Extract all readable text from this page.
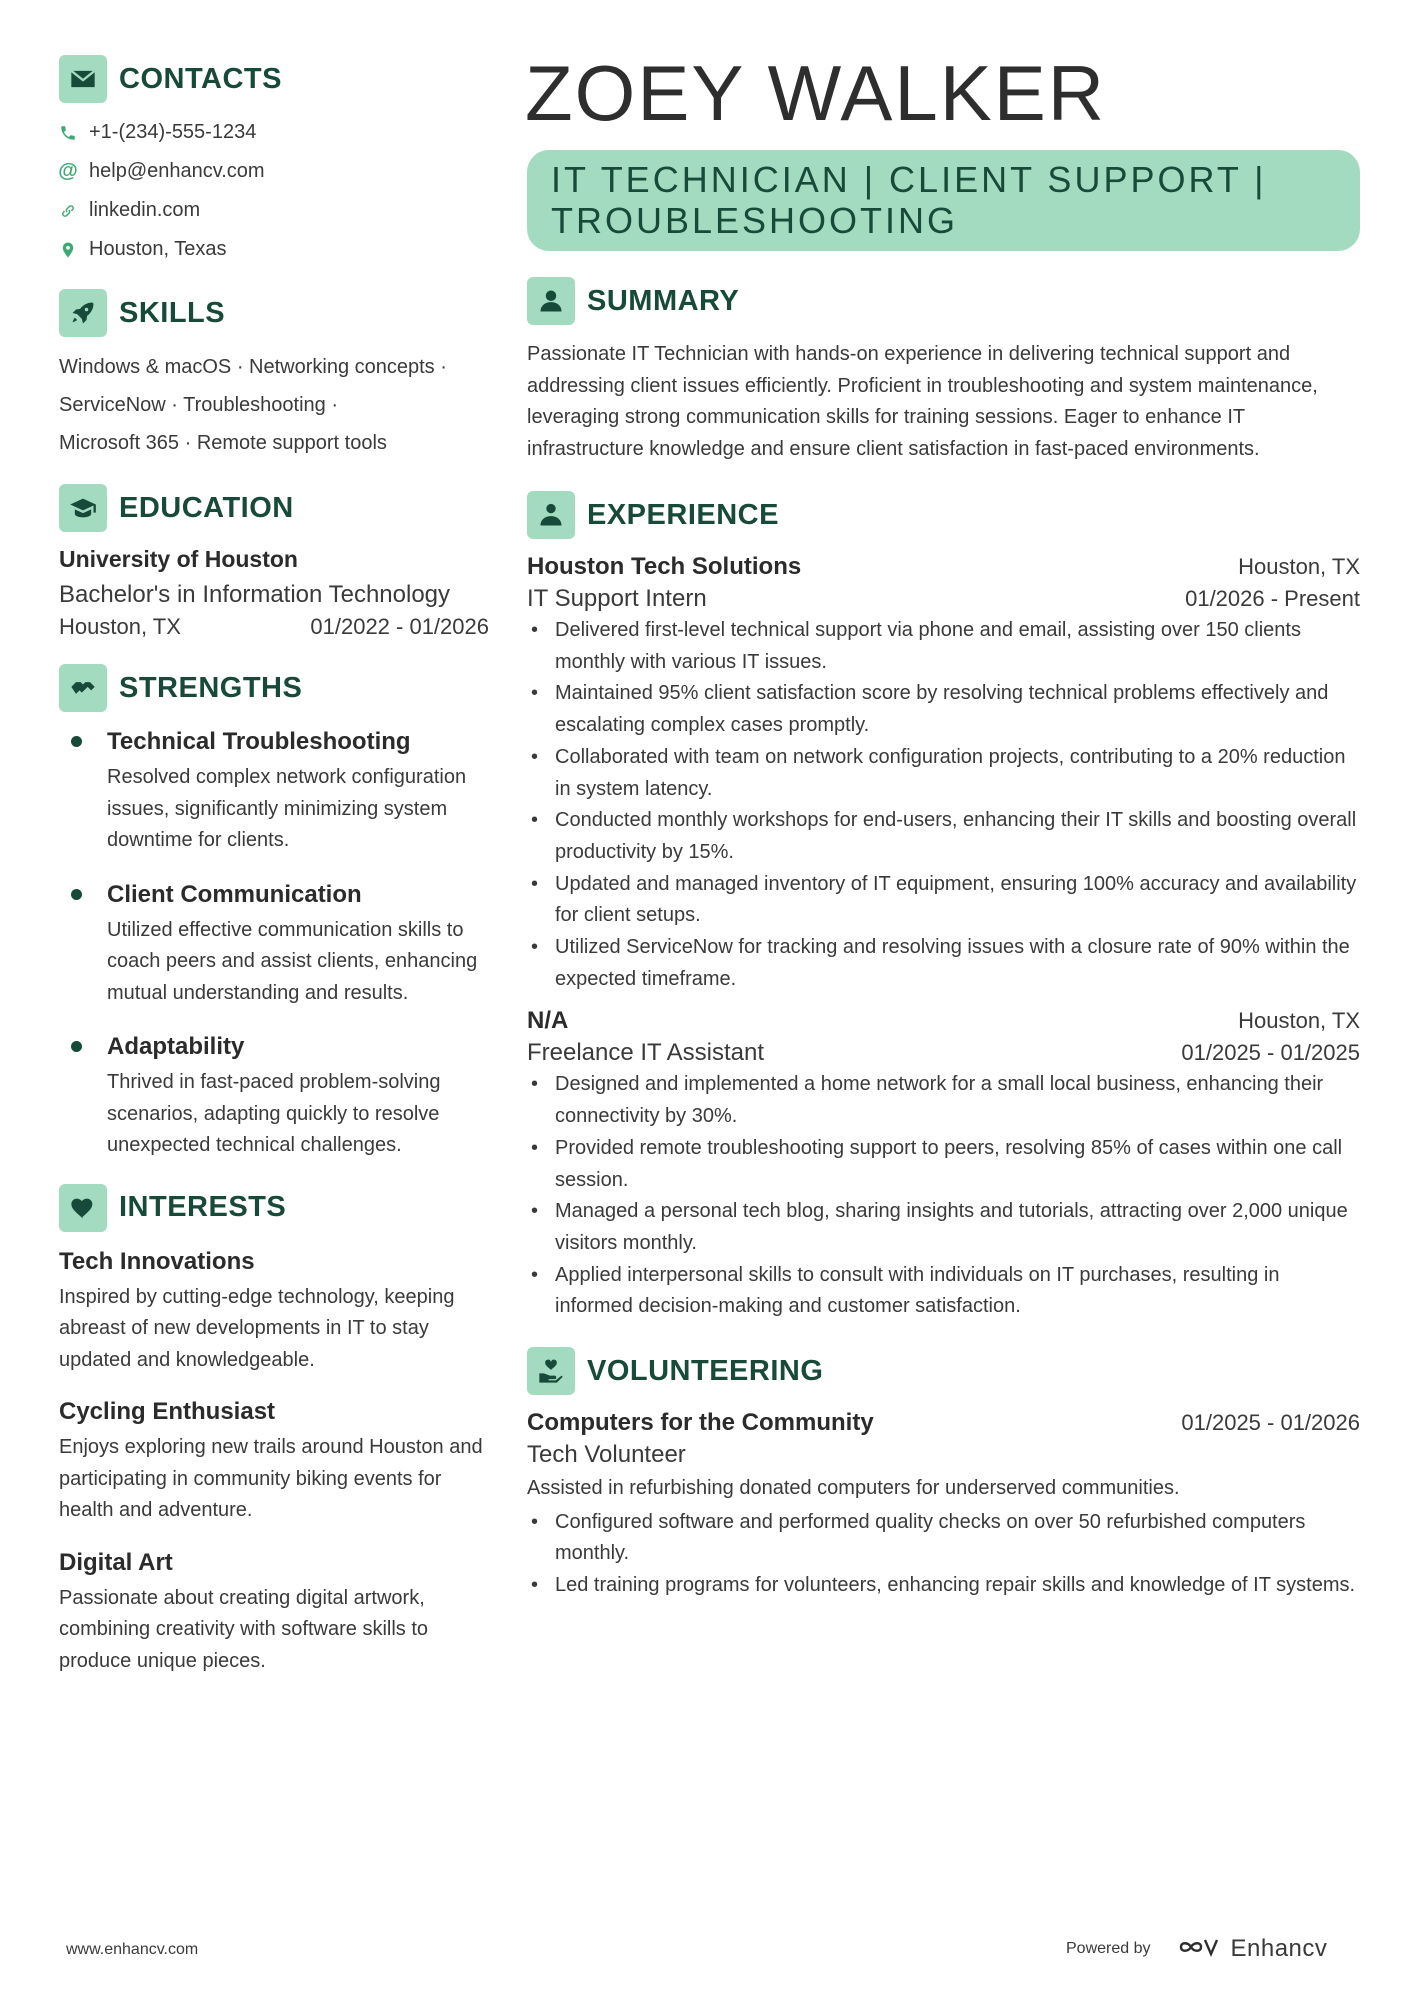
CONTACTS
+1-(234)-555-1234
@ help@enhancv.com
linkedin.com
Houston, Texas
SKILLS
Windows & macOS · Networking concepts ·
ServiceNow · Troubleshooting ·
Microsoft 365 · Remote support tools
EDUCATION
University of Houston
Bachelor's in Information Technology
Houston, TX	01/2022 - 01/2026
STRENGTHS
Technical Troubleshooting
Resolved complex network configuration issues, significantly minimizing system downtime for clients.
Client Communication
Utilized effective communication skills to coach peers and assist clients, enhancing mutual understanding and results.
Adaptability
Thrived in fast-paced problem-solving scenarios, adapting quickly to resolve unexpected technical challenges.
INTERESTS
Tech Innovations
Inspired by cutting-edge technology, keeping abreast of new developments in IT to stay updated and knowledgeable.
Cycling Enthusiast
Enjoys exploring new trails around Houston and participating in community biking events for health and adventure.
Digital Art
Passionate about creating digital artwork, combining creativity with software skills to produce unique pieces.
ZOEY WALKER
IT TECHNICIAN | CLIENT SUPPORT | TROUBLESHOOTING
SUMMARY
Passionate IT Technician with hands-on experience in delivering technical support and addressing client issues efficiently. Proficient in troubleshooting and system maintenance, leveraging strong communication skills for training sessions. Eager to enhance IT infrastructure knowledge and ensure client satisfaction in fast-paced environments.
EXPERIENCE
Houston Tech Solutions	Houston, TX
IT Support Intern	01/2026 - Present
• Delivered first-level technical support via phone and email, assisting over 150 clients monthly with various IT issues.
• Maintained 95% client satisfaction score by resolving technical problems effectively and escalating complex cases promptly.
• Collaborated with team on network configuration projects, contributing to a 20% reduction in system latency.
• Conducted monthly workshops for end-users, enhancing their IT skills and boosting overall productivity by 15%.
• Updated and managed inventory of IT equipment, ensuring 100% accuracy and availability for client setups.
• Utilized ServiceNow for tracking and resolving issues with a closure rate of 90% within the expected timeframe.
N/A	Houston, TX
Freelance IT Assistant	01/2025 - 01/2025
• Designed and implemented a home network for a small local business, enhancing their connectivity by 30%.
• Provided remote troubleshooting support to peers, resolving 85% of cases within one call session.
• Managed a personal tech blog, sharing insights and tutorials, attracting over 2,000 unique visitors monthly.
• Applied interpersonal skills to consult with individuals on IT purchases, resulting in informed decision-making and customer satisfaction.
VOLUNTEERING
Computers for the Community	01/2025 - 01/2026
Tech Volunteer
Assisted in refurbishing donated computers for underserved communities.
• Configured software and performed quality checks on over 50 refurbished computers monthly.
• Led training programs for volunteers, enhancing repair skills and knowledge of IT systems.
www.enhancv.com	Powered by	Enhancv
